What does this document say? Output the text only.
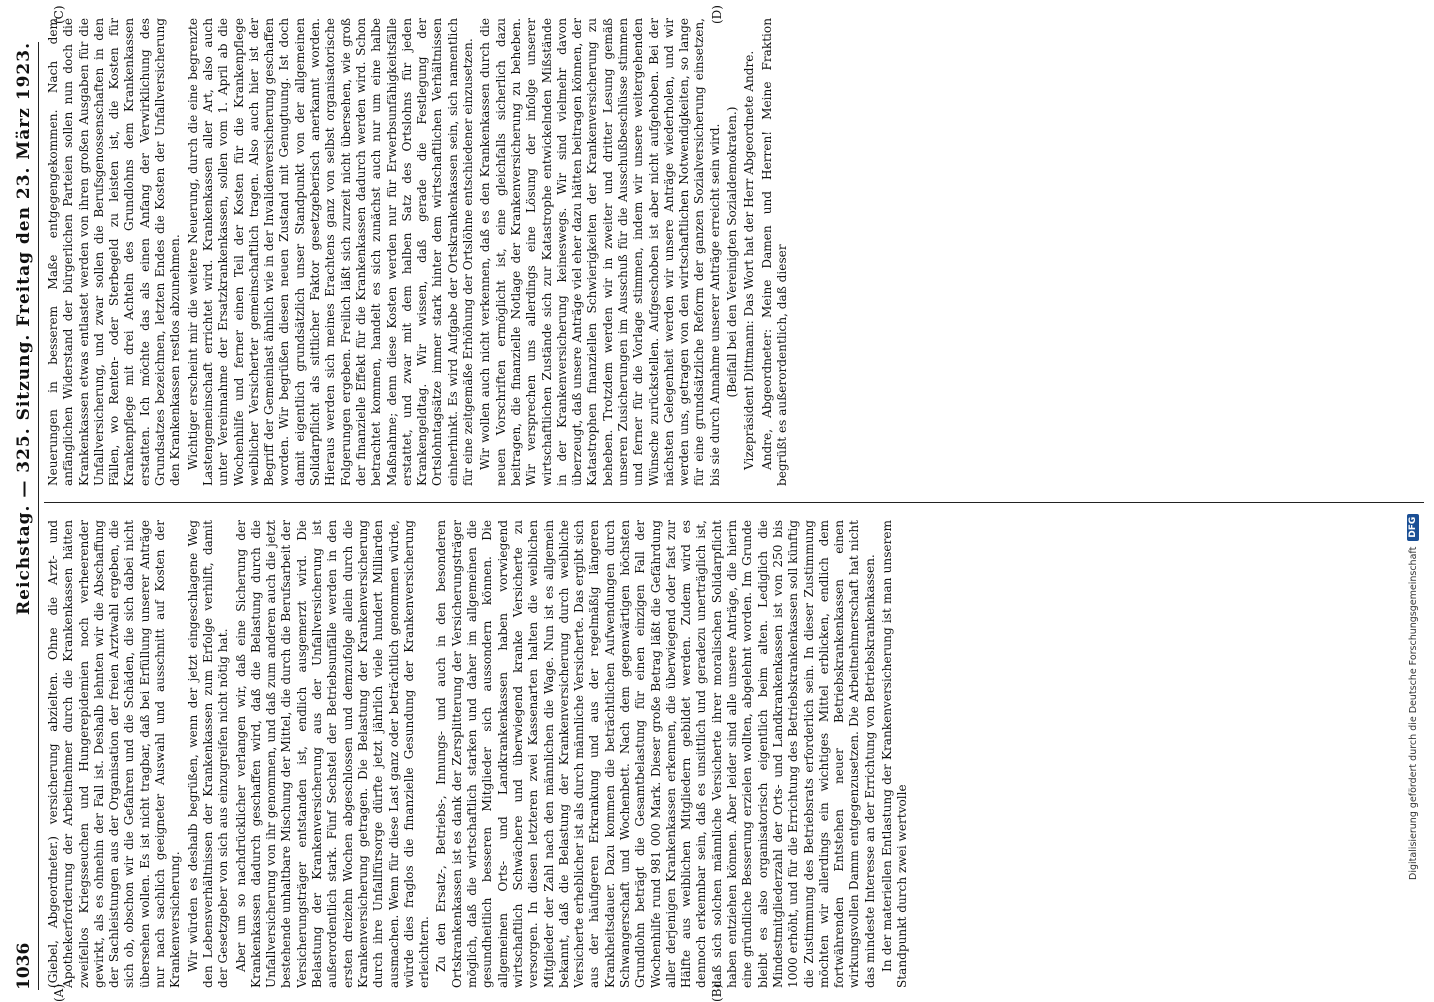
1036
Reichstag. — 325. Sitzung. Freitag den 23. März 1923.
(A)	(B)
(C)	(D)

(Giebel, Abgeordneter.) versicherung abzielten. Ohne die Arzt- und Apothekerforderung der Arbeitnehmer durch die Krankenkassen hätten zweifellos Kriegsseuchen und Hungerepidemien noch verheerender gewirkt, als es ohnehin der Fall ist. Deshalb lehnten wir die Abschaffung der Sachleistungen aus der Organisation der freien Arztwahl ergeben, die sich ob, obschon wir die Gefahren und die Schäden, die sich dabei nicht übersehen wollen. Es ist nicht tragbar, daß bei Erfüllung unserer Anträge nur nach sachlich geeigneter Auswahl und ausschnitt auf Kosten der Krankenversicherung. Wir würden es deshalb begrüßen, wenn der jetzt eingeschlagene Weg den Lebensverhältnissen der Krankenkassen zum Erfolge verhilft, damit der Gesetzgeber von sich aus einzugreifen nicht nötig hat. Aber um so nachdrücklicher verlangen wir, daß eine Sicherung der Krankenkassen dadurch geschaffen wird, daß die Belastung durch die Unfallversicherung von ihr genommen, und daß zum anderen auch die jetzt bestehende unhaltbare Mischung der Mittel, die durch die Berufsarbeit der Versicherungsträger entstanden ist, endlich ausgemerzt wird. Die Belastung der Krankenversicherung aus der Unfallversicherung ist außerordentlich stark. Fünf Sechstel der Betriebsunfälle werden in den ersten dreizehn Wochen abgeschlossen und demzufolge allein durch die Krankenversicherung getragen. Die Belastung der Krankenversicherung durch ihre Unfallfürsorge dürfte jetzt jährlich viele hundert Milliarden ausmachen. Wenn für diese Last ganz oder beträchtlich genommen würde, würde dies fraglos die finanzielle Gesundung der Krankenversicherung erleichtern. Zu den Ersatz-, Betriebs-, Innungs- und auch in den besonderen Ortskrankenkassen ist es dank der Zersplitterung der Versicherungsträger möglich, daß die wirtschaftlich starken und daher im allgemeinen die gesundheitlich besseren Mitglieder sich aussondern können. Die allgemeinen Orts- und Landkrankenkassen haben vorwiegend wirtschaftlich Schwächere und überwiegend kranke Versicherte zu versorgen. In diesen letzteren zwei Kassenarten halten die weiblichen Mitglieder der Zahl nach den männlichen die Wage. Nun ist es allgemein bekannt, daß die Belastung der Krankenversicherung durch weibliche Versicherte erheblicher ist als durch männliche Versicherte. Das ergibt sich aus der häufigeren Erkrankung und aus der regelmäßig längeren Krankheitsdauer. Dazu kommen die beträchtlichen Aufwendungen durch Schwangerschaft und Wochenbett. Nach dem gegenwärtigen höchsten Grundlohn beträgt die Gesamtbelastung für einen einzigen Fall der Wochenhilfe rund 981 000 Mark. Dieser große Betrag läßt die Gefährdung aller derjenigen Krankenkassen erkennen, die überwiegend oder fast zur Hälfte aus weiblichen Mitgliedern gebildet werden. Zudem wird es dennoch erkennbar sein, daß es unsittlich und geradezu unerträglich ist, daß sich solchen männliche Versicherte ihrer moralischen Solidarpflicht haben entziehen können. Aber leider sind alle unsere Anträge, die hierin eine gründliche Besserung erzielen wollten, abgelehnt worden. Im Grunde bleibt es also organisatorisch eigentlich beim alten. Lediglich die Mindestmitgliederzahl der Orts- und Landkrankenkassen ist von 250 bis 1000 erhöht, und für die Errichtung des Betriebskrankenkassen soll künftig die Zustimmung des Betriebsrats erforderlich sein. In dieser Zustimmung möchten wir allerdings ein wichtiges Mittel erblicken, endlich dem fortwährenden Entstehen neuer Betriebskrankenkassen einen wirkungsvollen Damm entgegenzusetzen. Die Arbeitnehmerschaft hat nicht das mindeste Interesse an der Errichtung von Betriebskrankenkassen. In der materiellen Entlastung der Krankenversicherung ist man unserem Standpunkt durch zwei wertvolle

Neuerungen in besserem Maße entgegengekommen. Nach dem anfänglichen Widerstand der bürgerlichen Parteien sollen nun doch die Krankenkassen etwas entlastet werden von ihren großen Ausgaben für die Unfallversicherung, und zwar sollen die Berufsgenossenschaften in den Fällen, wo Renten- oder Sterbegeld zu leisten ist, die Kosten für Krankenpflege mit drei Achteln des Grundlohns dem Krankenkassen erstatten. Ich möchte das als einen Anfang der Verwirklichung des Grundsatzes bezeichnen, letzten Endes die Kosten der Unfallversicherung den Krankenkassen restlos abzunehmen. Wichtiger erscheint mir die weitere Neuerung, durch die eine begrenzte Lastengemeinschaft errichtet wird. Krankenkassen aller Art, also auch unter Vereinnahme der Ersatzkrankenkassen, sollen vom 1. April ab die Wochenhilfe und ferner einen Teil der Kosten für die Krankenpflege weiblicher Versicherter gemeinschaftlich tragen. Also auch hier ist der Begriff der Gemeinlast ähnlich wie in der Invalidenversicherung geschaffen worden. Wir begrüßen diesen neuen Zustand mit Genugtuung. Ist doch damit eigentlich grundsätzlich unser Standpunkt von der allgemeinen Solidarpflicht als sittlicher Faktor gesetzgeberisch anerkannt worden. Hieraus werden sich meines Erachtens ganz von selbst organisatorische Folgerungen ergeben. Freilich läßt sich zurzeit nicht übersehen, wie groß der finanzielle Effekt für die Krankenkassen dadurch werden wird. Schon betrachtet kommen, handelt es sich zunächst auch nur um eine halbe Maßnahme; denn diese Kosten werden nur für Erwerbsunfähigkeitsfälle erstattet, und zwar mit dem halben Satz des Ortslohns für jeden Krankengeldtag. Wir wissen, daß gerade die Festlegung der Ortslohntagsätze immer stark hinter dem wirtschaftlichen Verhältnissen einherhinkt. Es wird Aufgabe der Ortskrankenkassen sein, sich namentlich für eine zeitgemäße Erhöhung der Ortslöhne entschiedener einzusetzen. Wir wollen auch nicht verkennen, daß es den Krankenkassen durch die neuen Vorschriften ermöglicht ist, eine gleichfalls sicherlich dazu beitragen, die finanzielle Notlage der Krankenversicherung zu beheben. Wir versprechen uns allerdings eine Lösung der infolge unserer wirtschaftlichen Zustände sich zur Katastrophe entwickelnden Mißstände in der Krankenversicherung keineswegs. Wir sind vielmehr davon überzeugt, daß unsere Anträge viel eher dazu hätten beitragen können, der Katastrophen finanziellen Schwierigkeiten der Krankenversicherung zu beheben. Trotzdem werden wir in zweiter und dritter Lesung gemäß unseren Zusicherungen im Ausschuß für die Ausschußbeschlüsse stimmen und ferner für die Vorlage stimmen, indem wir unsere weitergehenden Wünsche zurückstellen. Aufgeschoben ist aber nicht aufgehoben. Bei der nächsten Gelegenheit werden wir unsere Anträge wiederholen, und wir werden uns, getragen von den wirtschaftlichen Notwendigkeiten, so lange für eine grundsätzliche Reform der ganzen Sozialversicherung einsetzen, bis sie durch Annahme unserer Anträge erreicht sein wird. (Beifall bei den Vereinigten Sozialdemokraten.) Vizepräsident Dittmann: Das Wort hat der Herr Abgeordnete Andre. Andre, Abgeordneter: Meine Damen und Herren! Meine Fraktion begrüßt es außerordentlich, daß dieser

Digitalisierung gefördert durch die Deutsche Forschungsgemeinschaft
DFG
